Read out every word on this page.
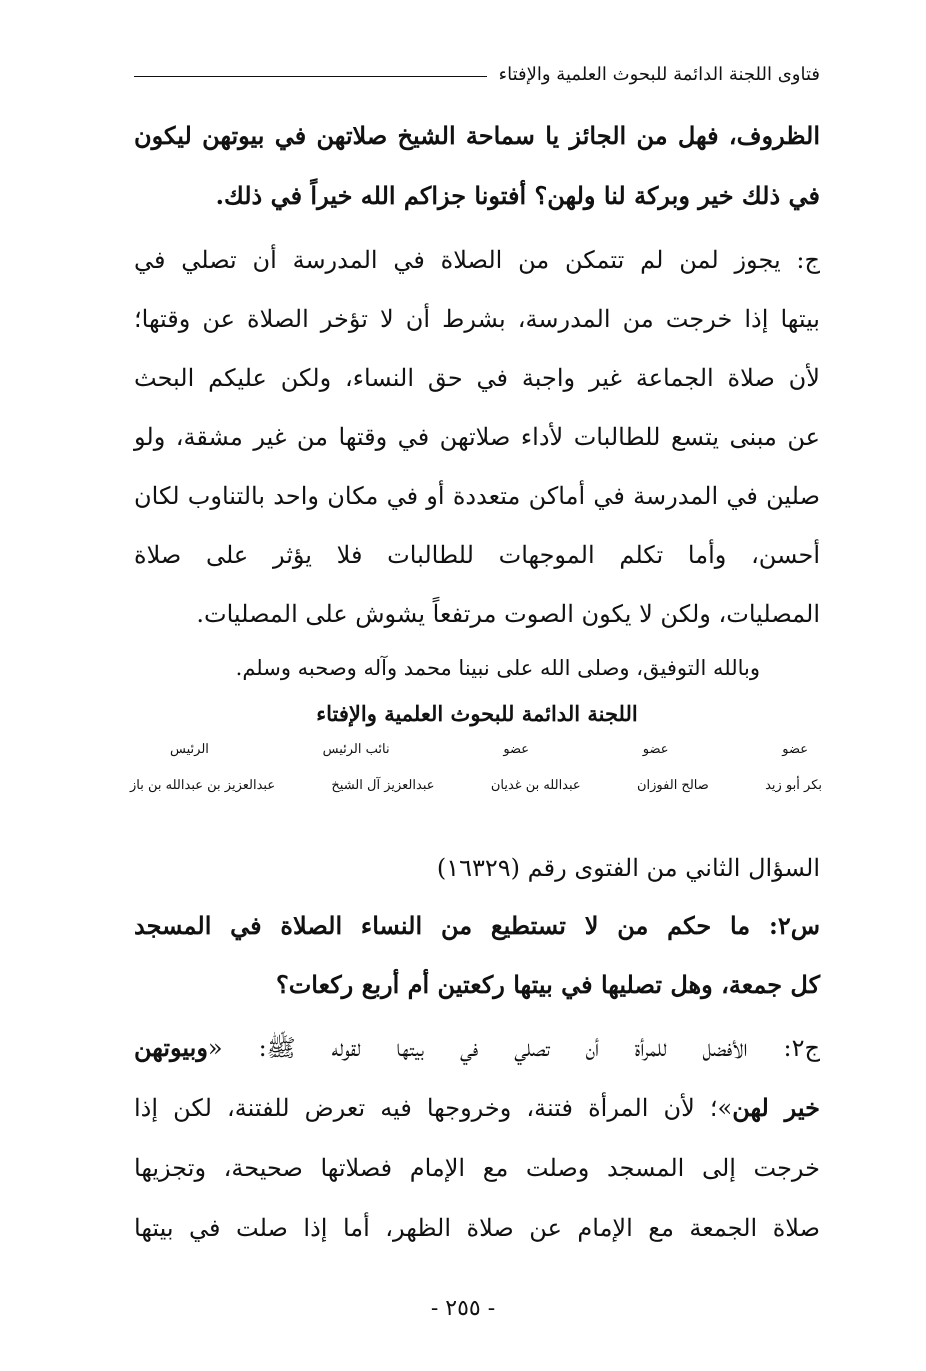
فتاوى اللجنة الدائمة للبحوث العلمية والإفتاء
الظروف، فهل من الجائز يا سماحة الشيخ صلاتهن في بيوتهن ليكون
في ذلك خير وبركة لنا ولهن؟ أفتونا جزاكم الله خيراً في ذلك.
ج: يجوز لمن لم تتمكن من الصلاة في المدرسة أن تصلي في
بيتها إذا خرجت من المدرسة، بشرط أن لا تؤخر الصلاة عن وقتها؛
لأن صلاة الجماعة غير واجبة في حق النساء، ولكن عليكم البحث
عن مبنى يتسع للطالبات لأداء صلاتهن في وقتها من غير مشقة، ولو
صلين في المدرسة في أماكن متعددة أو في مكان واحد بالتناوب لكان
أحسن، وأما تكلم الموجهات للطالبات فلا يؤثر على صلاة
المصليات، ولكن لا يكون الصوت مرتفعاً يشوش على المصليات.
وبالله التوفيق، وصلى الله على نبينا محمد وآله وصحبه وسلم.
اللجنة الدائمة للبحوث العلمية والإفتاء
عضو
عضو
عضو
نائب الرئيس
الرئيس
بكر أبو زيد
صالح الفوزان
عبدالله بن غديان
عبدالعزيز آل الشيخ
عبدالعزيز بن عبدالله بن باز
السؤال الثاني من الفتوى رقم (١٦٣٢٩)
س٢: ما حكم من لا تستطيع من النساء الصلاة في المسجد
كل جمعة، وهل تصليها في بيتها ركعتين أم أربع ركعات؟
ج٢: الأفضل للمرأة أن تصلي في بيتها لقوله ﷺ: «وبيوتهن
خير لهن»؛ لأن المرأة فتنة، وخروجها فيه تعرض للفتنة، لكن إذا
خرجت إلى المسجد وصلت مع الإمام فصلاتها صحيحة، وتجزيها
صلاة الجمعة مع الإمام عن صلاة الظهر، أما إذا صلت في بيتها
- ٢٥٥ -
